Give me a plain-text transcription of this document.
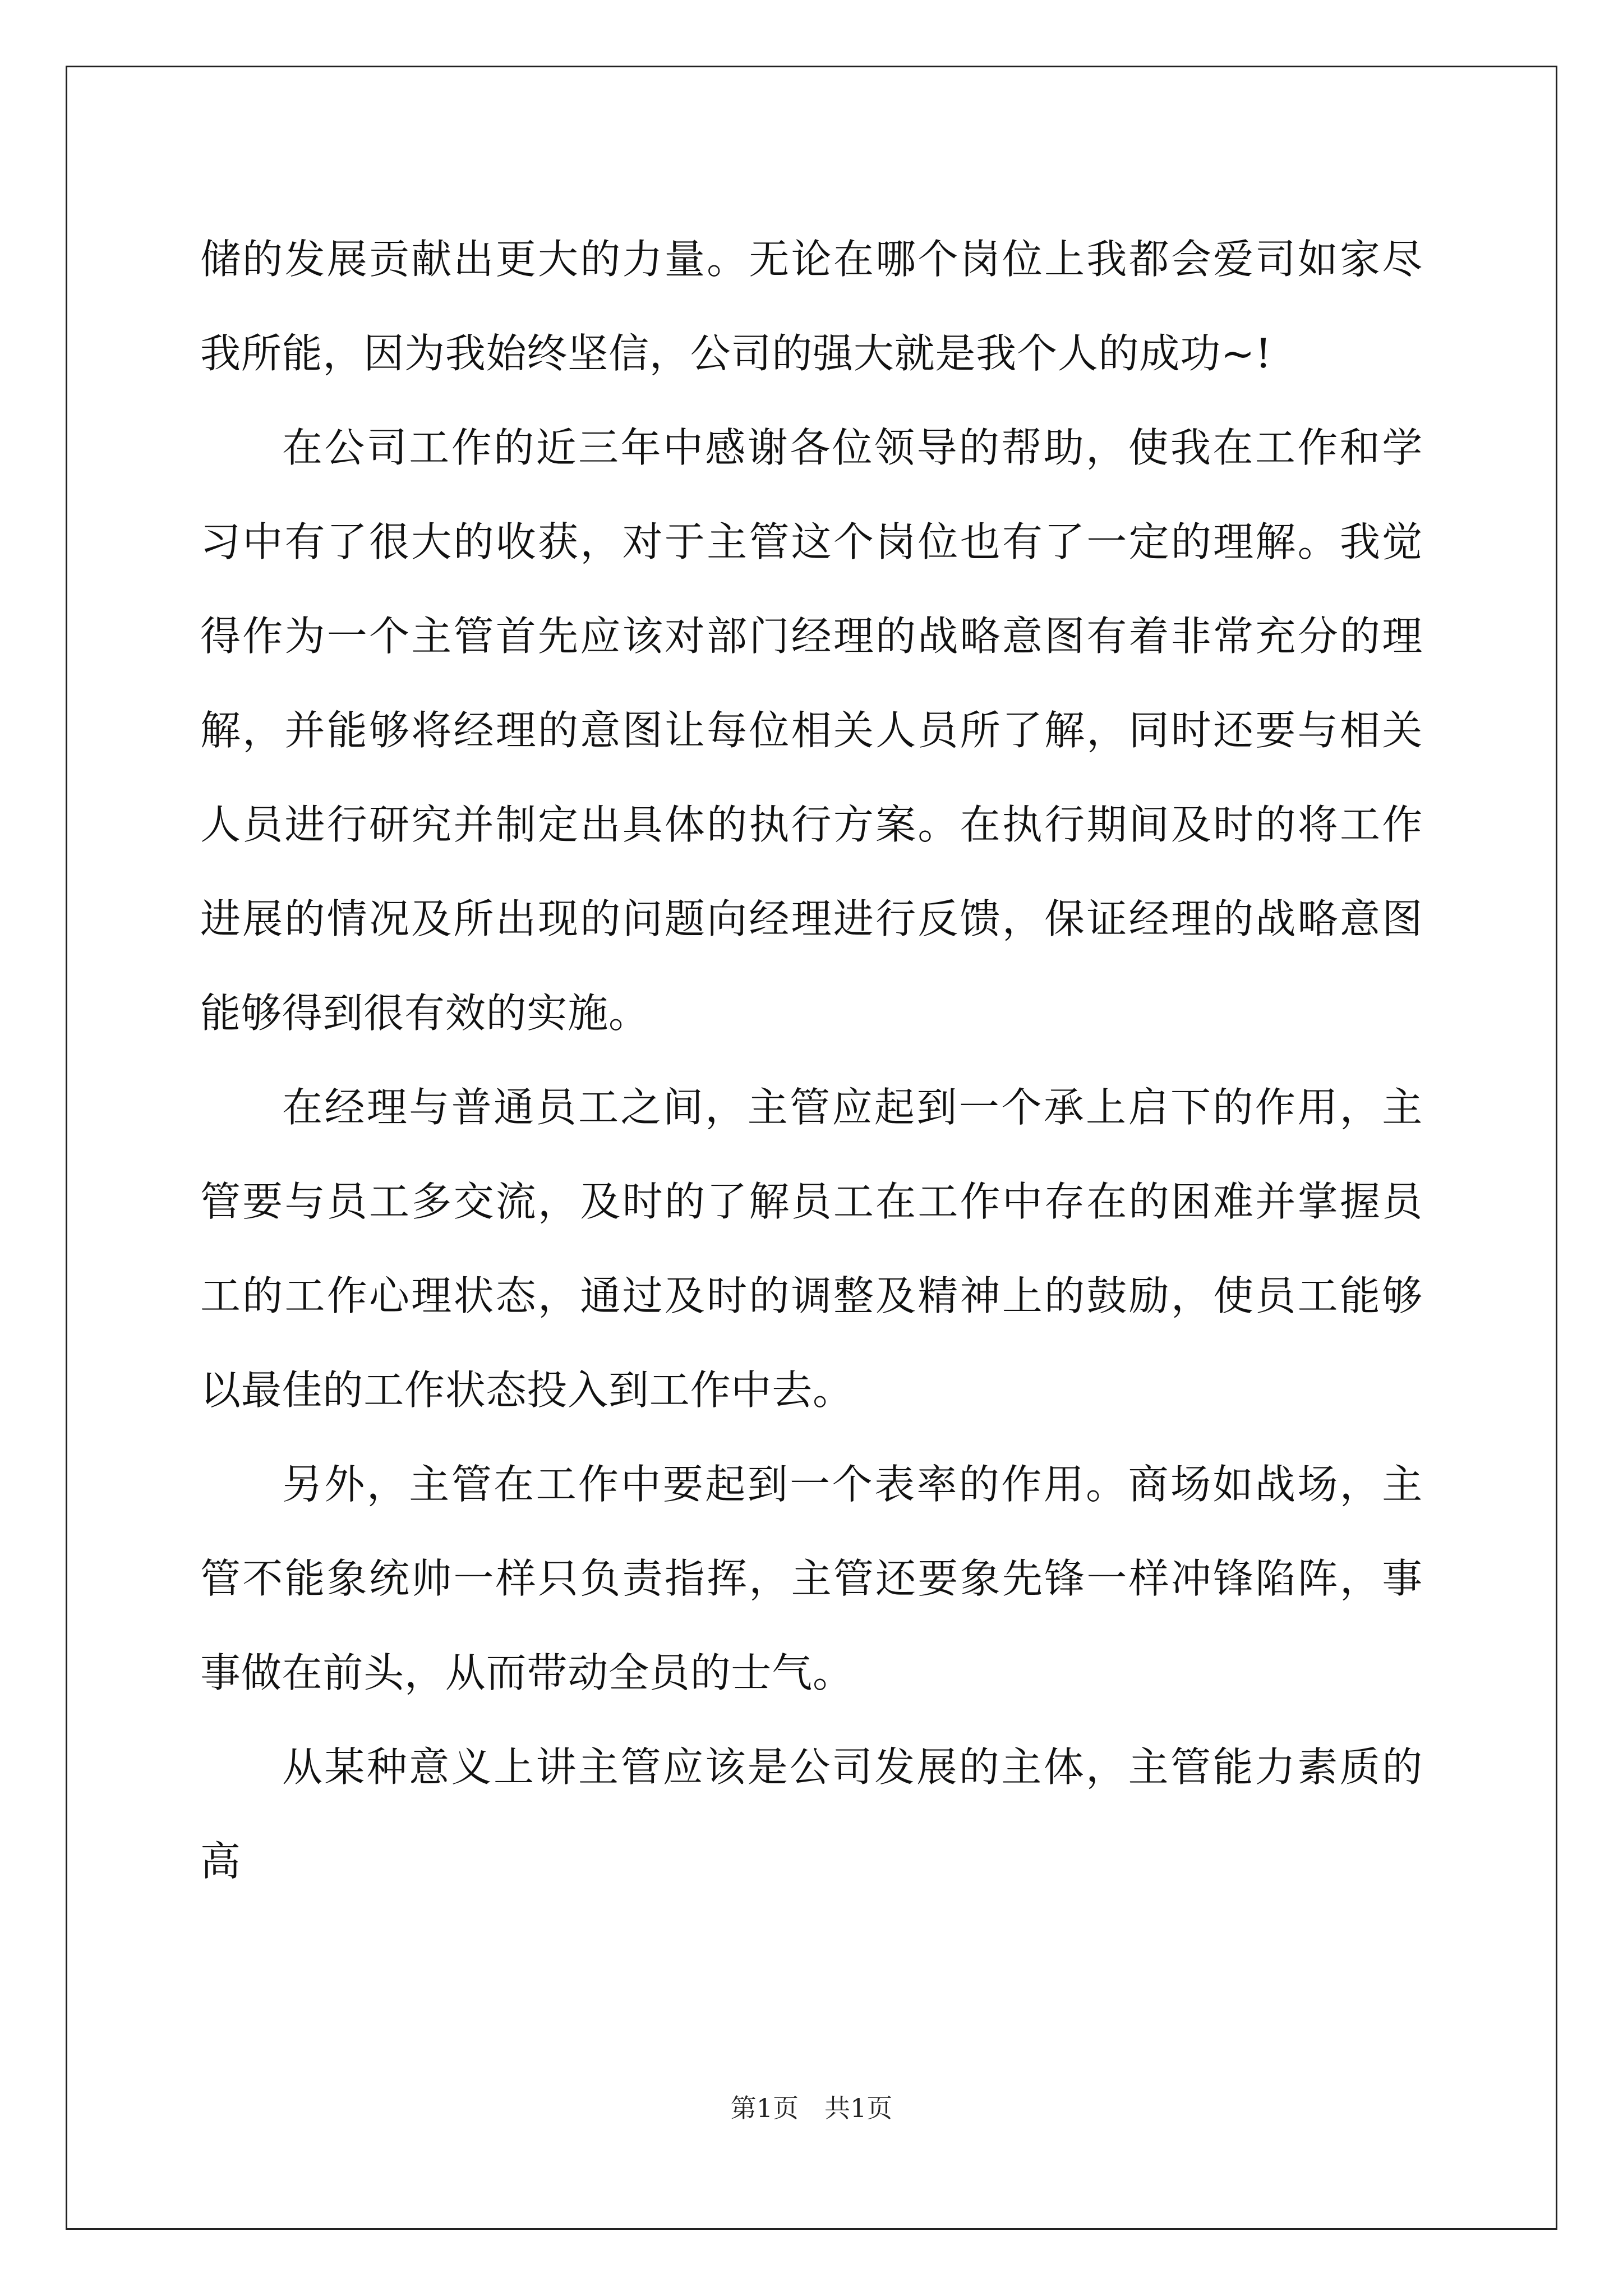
储的发展贡献出更大的力量。无论在哪个岗位上我都会爱司如家尽我所能，因为我始终坚信，公司的强大就是我个人的成功~!

在公司工作的近三年中感谢各位领导的帮助，使我在工作和学习中有了很大的收获，对于主管这个岗位也有了一定的理解。我觉得作为一个主管首先应该对部门经理的战略意图有着非常充分的理解，并能够将经理的意图让每位相关人员所了解，同时还要与相关人员进行研究并制定出具体的执行方案。在执行期间及时的将工作进展的情况及所出现的问题向经理进行反馈，保证经理的战略意图能够得到很有效的实施。

在经理与普通员工之间，主管应起到一个承上启下的作用，主管要与员工多交流，及时的了解员工在工作中存在的困难并掌握员工的工作心理状态，通过及时的调整及精神上的鼓励，使员工能够以最佳的工作状态投入到工作中去。

另外，主管在工作中要起到一个表率的作用。商场如战场，主管不能象统帅一样只负责指挥，主管还要象先锋一样冲锋陷阵，事事做在前头，从而带动全员的士气。

从某种意义上讲主管应该是公司发展的主体，主管能力素质的高

第1页　共1页
